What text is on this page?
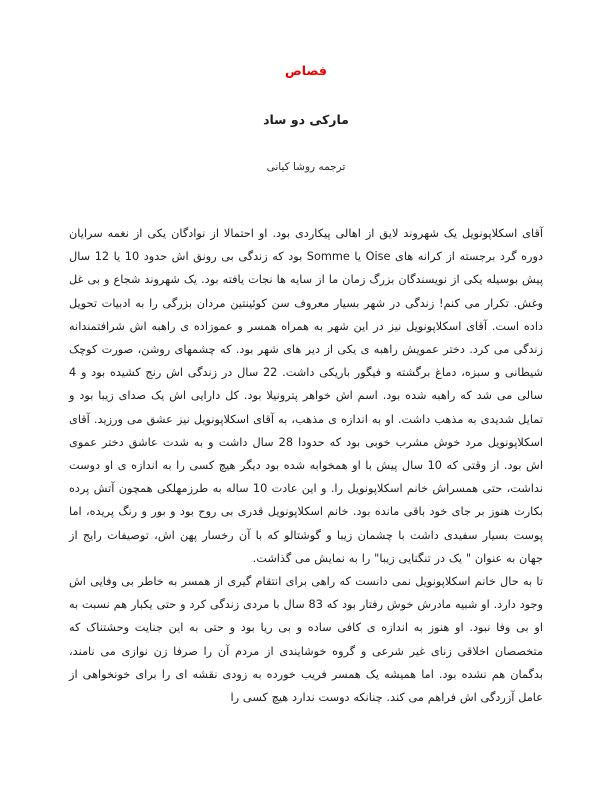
فصاص
مارکی دو ساد
ترجمه روشا کیانی

آقای اسکلاپونویل یک شهروند لایق از اهالی پیکاردی بود. او احتمالا از نوادگان یکی از نغمه سرایان دوره گرد برجسته از کرانه های Oise یا Somme بود که زندگی بی رونق اش حدود 10 یا 12 سال پیش بوسیله یکی از نویسندگان بزرگ زمان ما از سایه ها نجات یافته بود. یک شهروند شجاع و بی غل وغش. تکرار می کنم! زندگی در شهر بسیار معروف سن کوئینتین مردان بزرگی را به ادبیات تحویل داده است. آقای اسکلاپونویل نیز در این شهر به همراه همسر و عموزاده ی راهبه اش شرافتمندانه زندگی می کرد. دختر عمویش راهبه ی یکی از دیر های شهر بود. که چشمهای روشن، صورت کوچک شیطانی و سبزه، دماغ برگشته و فیگور باریکی داشت. 22 سال در زندگی اش رنج کشیده بود و 4 سالی می شد که راهبه شده بود. اسم اش خواهر پترونیلا بود. کل دارایی اش یک صدای زیبا بود و تمایل شدیدی به مذهب داشت. او به اندازه ی مذهب، به آقای اسکلاپونویل نیز عشق می ورزید. آقای اسکلاپونویل مرد خوش مشرب خوبی بود که حدودا 28 سال داشت و به شدت عاشق دختر عموی اش بود. از وقتی که 10 سال پیش با او همخوابه شده بود دیگر هیچ کسی را به اندازه ی او دوست نداشت، حتی همسراش خانم اسکلاپونویل را. و این عادت 10 ساله به طرزمهلکی همچون آتش پرده بکارت هنوز بر جای خود باقی مانده بود. خانم اسکلاپونویل قدری بی روح بود و بور و رنگ پریده، اما پوست بسیار سفیدی داشت با چشمان زیبا و گوشتالو که با آن رخسار پهن اش، توصیفات رایج از جهان به عنوان " یک در تنگنایی زیبا" را به نمایش می گذاشت.

تا به حال خانم اسکلاپونویل نمی دانست که راهی برای انتقام گیری از همسر به خاطر بی وفایی اش وجود دارد. او شبیه مادرش خوش رفتار بود که 83 سال با مردی زندگی کرد و حتی یکبار هم نسبت به او بی وفا نبود. او هنوز به اندازه ی کافی ساده و بی ریا بود و حتی به این جنایت وحشتناک که متخصصان اخلاقی زنای غیر شرعی و گروه خوشایندی از مردم آن را صرفا زن نوازی می نامند، بدگمان هم نشده بود. اما همیشه یک همسر فریب خورده به زودی نقشه ای را برای خونخواهی از عامل آزردگی اش فراهم می کند. چنانکه دوست ندارد هیچ کسی را
